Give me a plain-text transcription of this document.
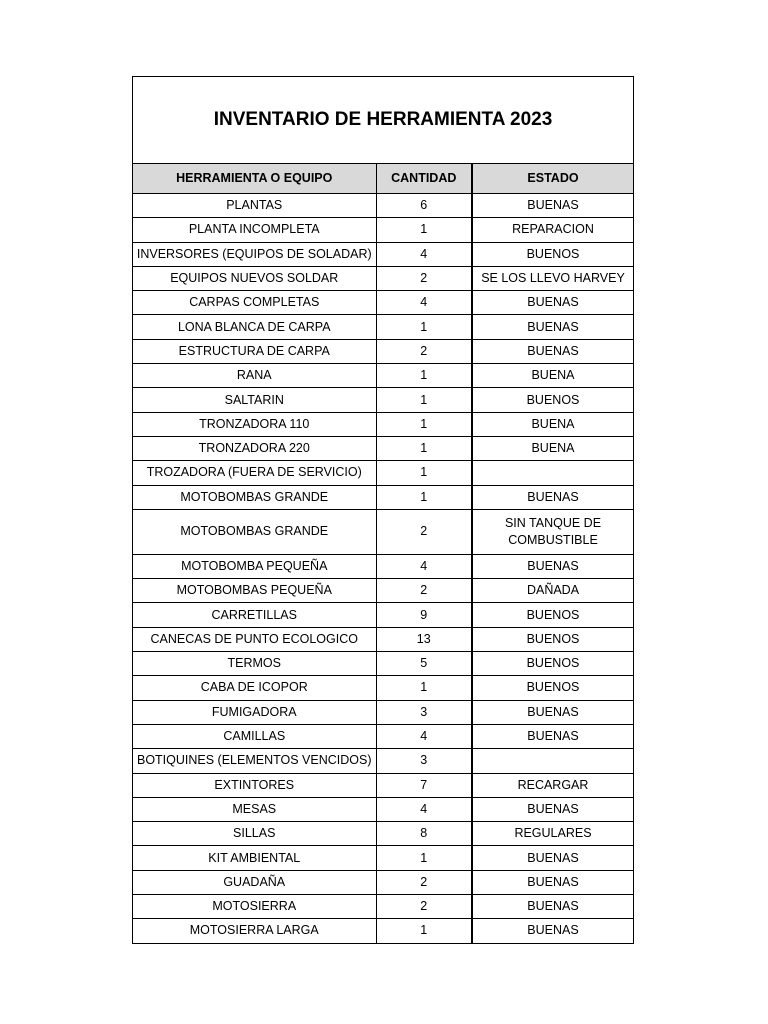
INVENTARIO DE HERRAMIENTA 2023
HERRAMIENTA O EQUIPO	CANTIDAD	ESTADO
PLANTAS	6	BUENAS
PLANTA INCOMPLETA	1	REPARACION
INVERSORES (EQUIPOS DE SOLADAR)	4	BUENOS
EQUIPOS NUEVOS SOLDAR	2	SE LOS LLEVO HARVEY
CARPAS COMPLETAS	4	BUENAS
LONA BLANCA DE CARPA	1	BUENAS
ESTRUCTURA DE CARPA	2	BUENAS
RANA	1	BUENA
SALTARIN	1	BUENOS
TRONZADORA 110	1	BUENA
TRONZADORA 220	1	BUENA
TROZADORA (FUERA DE SERVICIO)	1	
MOTOBOMBAS GRANDE	1	BUENAS
MOTOBOMBAS GRANDE	2	SIN TANQUE DE COMBUSTIBLE
MOTOBOMBA PEQUEÑA	4	BUENAS
MOTOBOMBAS PEQUEÑA	2	DAÑADA
CARRETILLAS	9	BUENOS
CANECAS DE PUNTO ECOLOGICO	13	BUENOS
TERMOS	5	BUENOS
CABA DE ICOPOR	1	BUENOS
FUMIGADORA	3	BUENAS
CAMILLAS	4	BUENAS
BOTIQUINES (ELEMENTOS VENCIDOS)	3	
EXTINTORES	7	RECARGAR
MESAS	4	BUENAS
SILLAS	8	REGULARES
KIT AMBIENTAL	1	BUENAS
GUADAÑA	2	BUENAS
MOTOSIERRA	2	BUENAS
MOTOSIERRA LARGA	1	BUENAS
